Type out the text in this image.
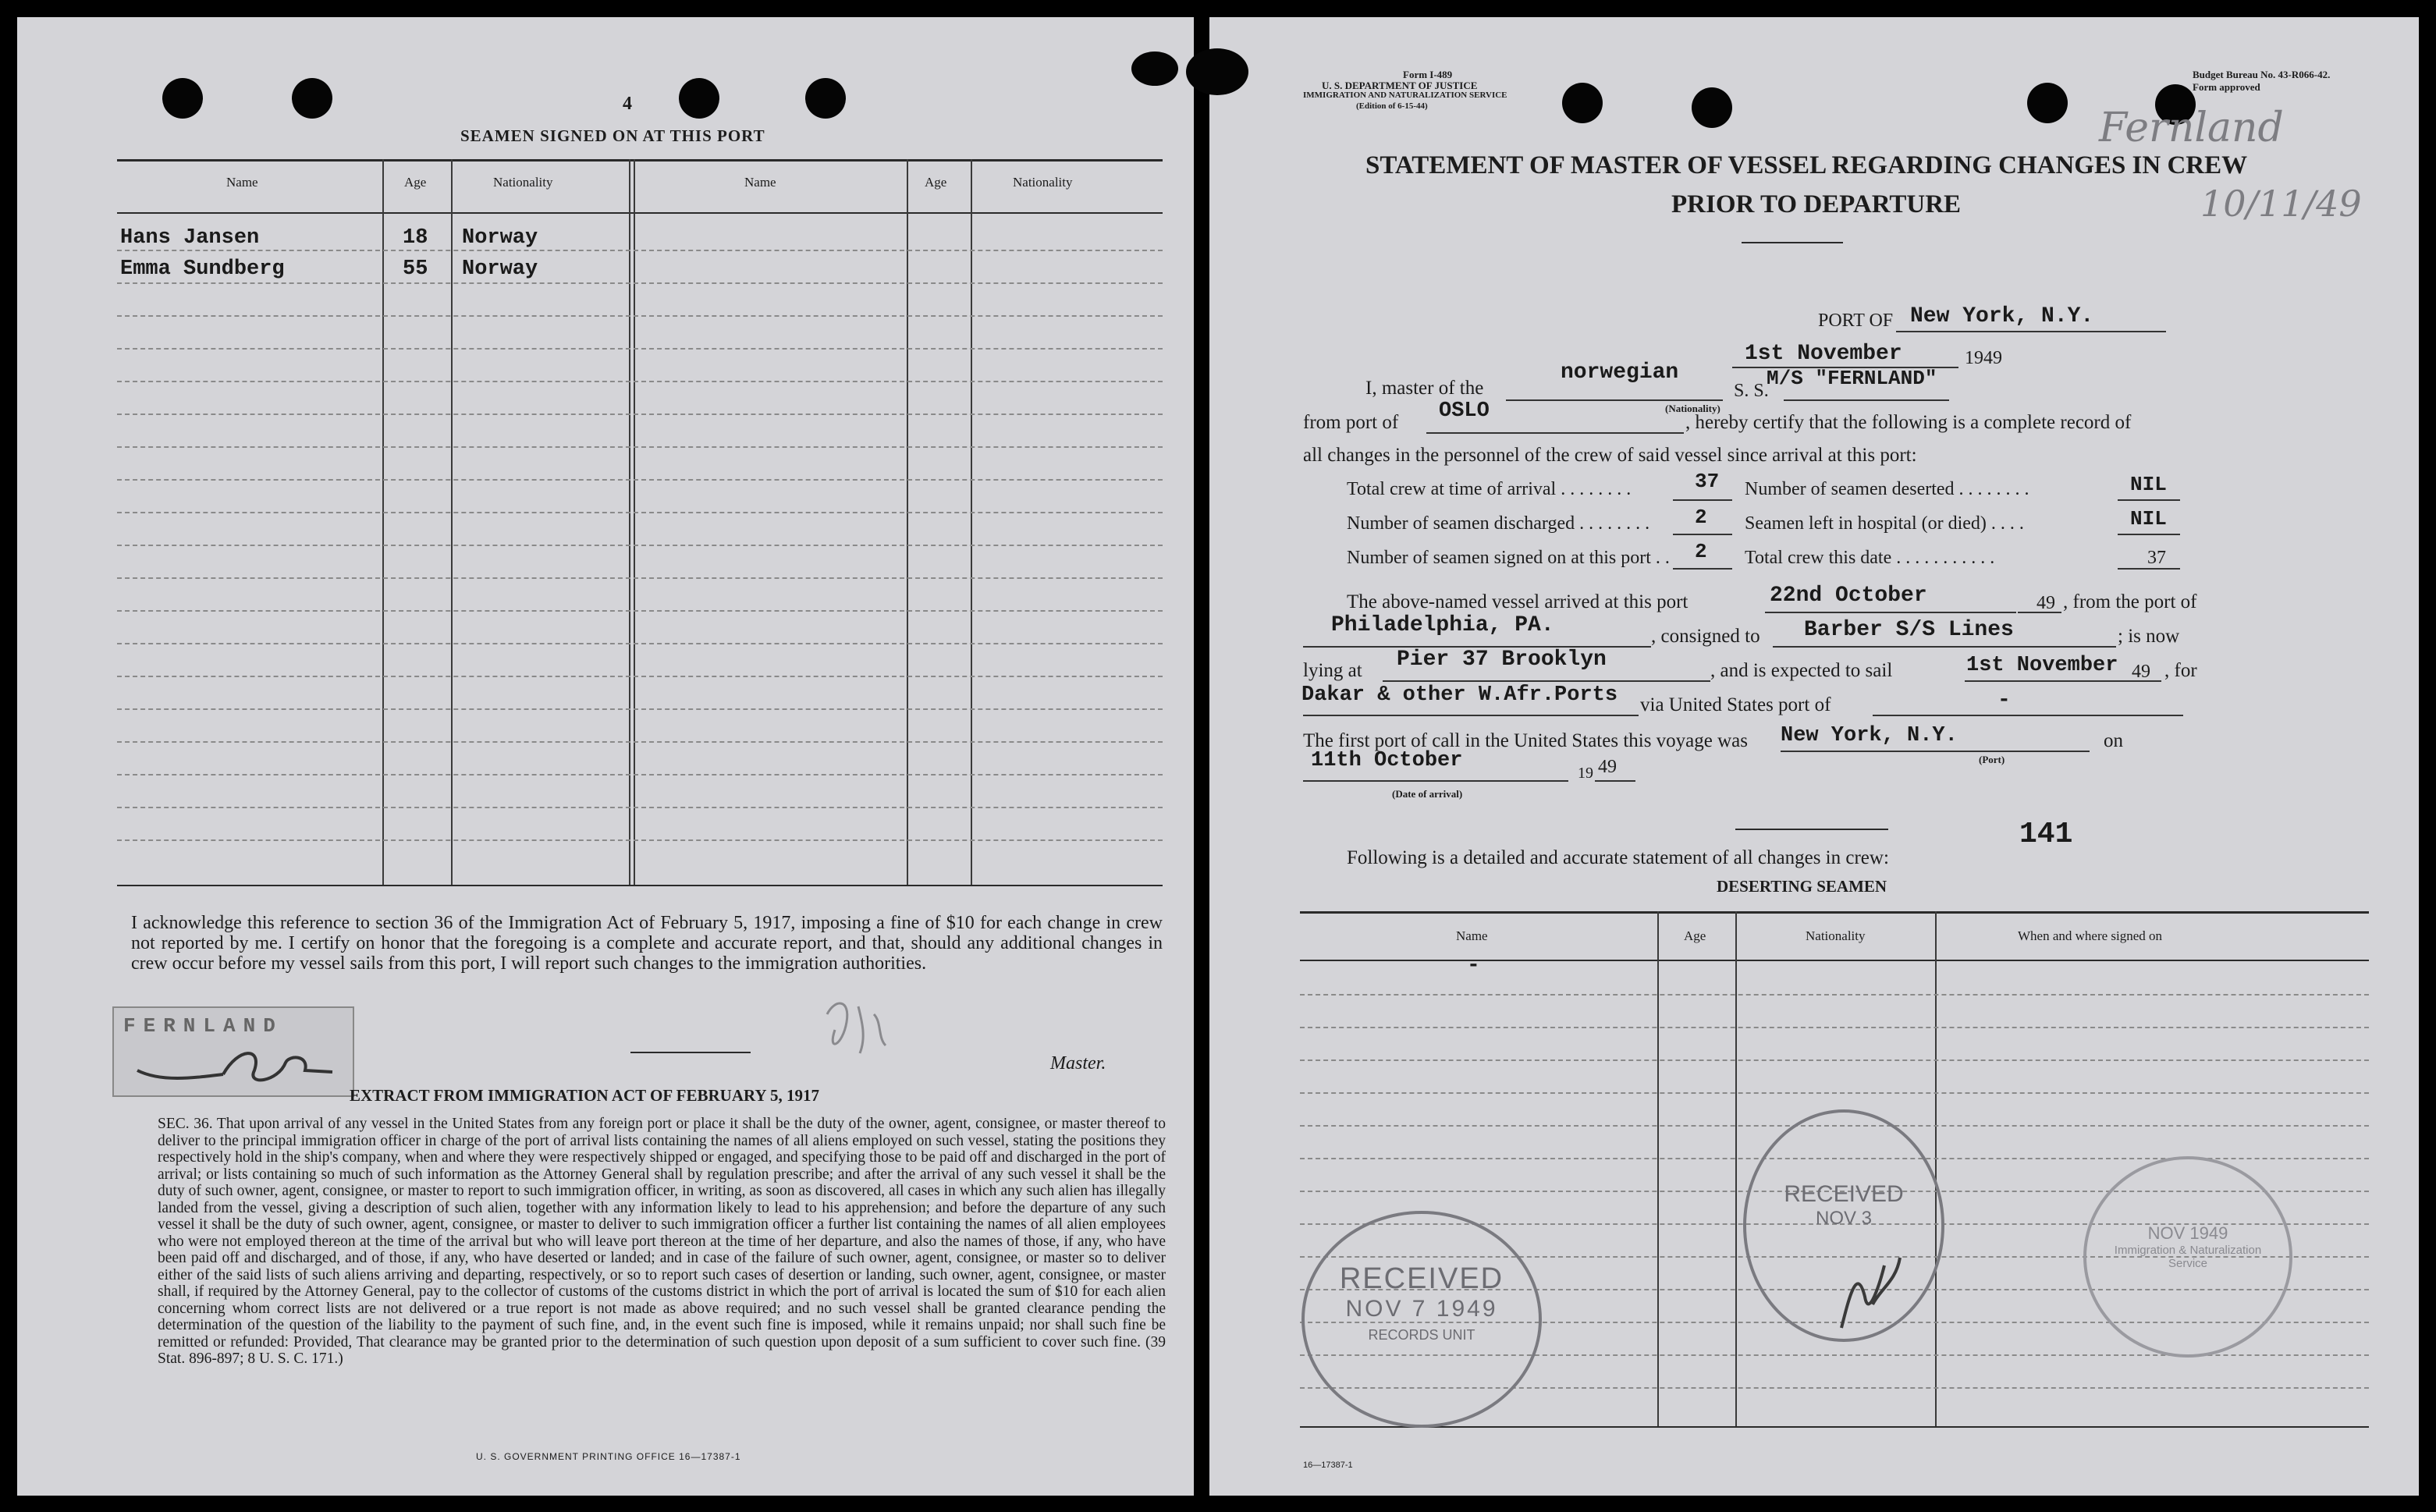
4
SEAMEN SIGNED ON AT THIS PORT
Name	Age	Nationality	Name	Age	Nationality
Hans Jansen	18 Norway
Emma Sundberg	55 Norway
I acknowledge this reference to section 36 of the Immigration Act of February 5, 1917, imposing a fine of $10 for each change in crew not reported by me. I certify on honor that the foregoing is a complete and accurate report, and that, should any additional changes in crew occur before my vessel sails from this port, I will report such changes to the immigration authorities.
FERNLAND
Master.
EXTRACT FROM IMMIGRATION ACT OF FEBRUARY 5, 1917
SEC. 36. That upon arrival of any vessel in the United States from any foreign port or place it shall be the duty of the owner, agent, consignee, or master thereof to deliver to the principal immigration officer in charge of the port of arrival lists containing the names of all aliens employed on such vessel, stating the positions they respectively hold in the ship's company, when and where they were respectively shipped or engaged, and specifying those to be paid off and discharged in the port of arrival; or lists containing so much of such information as the Attorney General shall by regulation prescribe; and after the arrival of any such vessel it shall be the duty of such owner, agent, consignee, or master to report to such immigration officer, in writing, as soon as discovered, all cases in which any such alien has illegally landed from the vessel, giving a description of such alien, together with any information likely to lead to his apprehension; and before the departure of any such vessel it shall be the duty of such owner, agent, consignee, or master to deliver to such immigration officer a further list containing the names of all alien employees who were not employed thereon at the time of the arrival but who will leave port thereon at the time of her departure, and also the names of those, if any, who have been paid off and discharged, and of those, if any, who have deserted or landed; and in case of the failure of such owner, agent, consignee, or master so to deliver either of the said lists of such aliens arriving and departing, respectively, or so to report such cases of desertion or landing, such owner, agent, consignee, or master shall, if required by the Attorney General, pay to the collector of customs of the customs district in which the port of arrival is located the sum of $10 for each alien concerning whom correct lists are not delivered or a true report is not made as above required; and no such vessel shall be granted clearance pending the determination of the question of the liability to the payment of such fine, and, in the event such fine is imposed, while it remains unpaid; nor shall such fine be remitted or refunded: Provided, That clearance may be granted prior to the determination of such question upon deposit of a sum sufficient to cover such fine. (39 Stat. 896-897; 8 U. S. C. 171.)
U. S. GOVERNMENT PRINTING OFFICE 16—17387-1
Form I-489
U. S. DEPARTMENT OF JUSTICE
IMMIGRATION AND NATURALIZATION SERVICE
(Edition of 6-15-44)
Budget Bureau No. 43-R066-42.
Form approved
Fernland
10/11/49
STATEMENT OF MASTER OF VESSEL REGARDING CHANGES IN CREW
PRIOR TO DEPARTURE
PORT OF New York, N.Y.
1st November	1949
I, master of the
norwegian
(Nationality)
S. S.
M/S "FERNLAND"
from port of OSLO	, hereby certify that the following is a complete record of
all changes in the personnel of the crew of said vessel since arrival at this port:
Total crew at time of arrival . . . . . . . .	37
Number of seamen discharged . . . . . . . . 2
Number of seamen signed on at this port . . 2
Number of seamen deserted . . . . . . . .	NIL
Seamen left in hospital (or died) . . . .	NIL
Total crew this date . . . . . . . . . . .	37
The above-named vessel arrived at this port	22nd October	49 , from the port of
Philadelphia, PA.	, consigned to Barber S/S Lines	; is now
lying at Pier 37 Brooklyn	, and is expected to sail	1st November 49 , for
Dakar & other W.Afr.Ports via United States port of	-
The first port of call in the United States this voyage was New York, N.Y.	on
(Port)
11th October
19 49
(Date of arrival)
141
Following is a detailed and accurate statement of all changes in crew:
DESERTING SEAMEN
Name	Age	Nationality	When and where signed on
-
RECEIVED
NOV 7 1949
RECORDS UNIT
RECEIVED
NOV 3
NOV 1949
Immigration & Naturalization
Service
16—17387-1
